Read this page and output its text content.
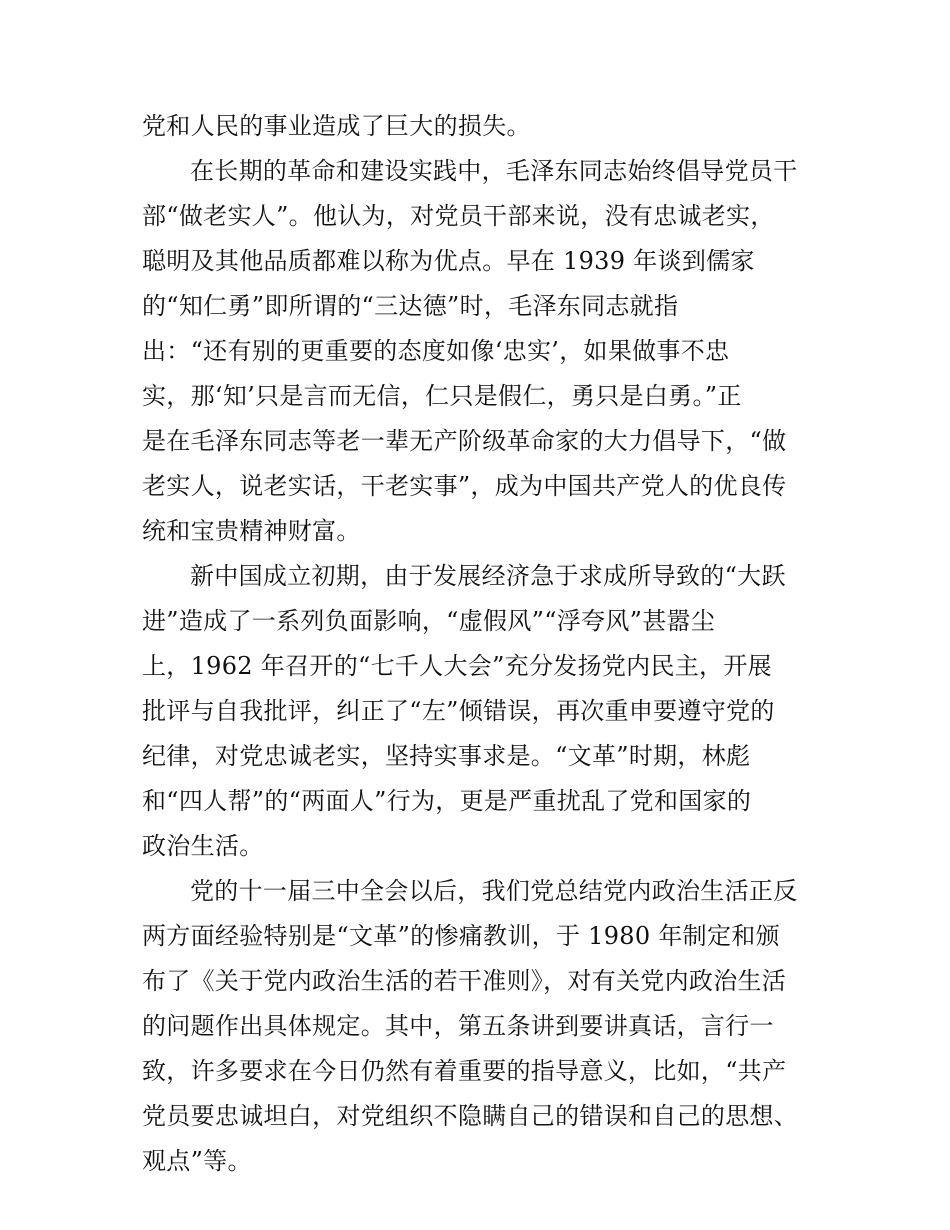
党和人民的事业造成了巨大的损失。
在长期的革命和建设实践中，毛泽东同志始终倡导党员干
部“做老实人”。他认为，对党员干部来说，没有忠诚老实，
聪明及其他品质都难以称为优点。早在 1939 年谈到儒家
的“知仁勇”即所谓的“三达德”时，毛泽东同志就指
出：“还有别的更重要的态度如像‘忠实’，如果做事不忠
实，那‘知’只是言而无信，仁只是假仁，勇只是白勇。”正
是在毛泽东同志等老一辈无产阶级革命家的大力倡导下，“做
老实人，说老实话，干老实事”，成为中国共产党人的优良传
统和宝贵精神财富。
新中国成立初期，由于发展经济急于求成所导致的“大跃
进”造成了一系列负面影响，“虚假风”“浮夸风”甚嚣尘
上，1962 年召开的“七千人大会”充分发扬党内民主，开展
批评与自我批评，纠正了“左”倾错误，再次重申要遵守党的
纪律，对党忠诚老实，坚持实事求是。“文革”时期，林彪
和“四人帮”的“两面人”行为，更是严重扰乱了党和国家的
政治生活。
党的十一届三中全会以后，我们党总结党内政治生活正反
两方面经验特别是“文革”的惨痛教训，于 1980 年制定和颁
布了《关于党内政治生活的若干准则》，对有关党内政治生活
的问题作出具体规定。其中，第五条讲到要讲真话，言行一
致，许多要求在今日仍然有着重要的指导意义，比如，“共产
党员要忠诚坦白，对党组织不隐瞒自己的错误和自己的思想、
观点”等。
